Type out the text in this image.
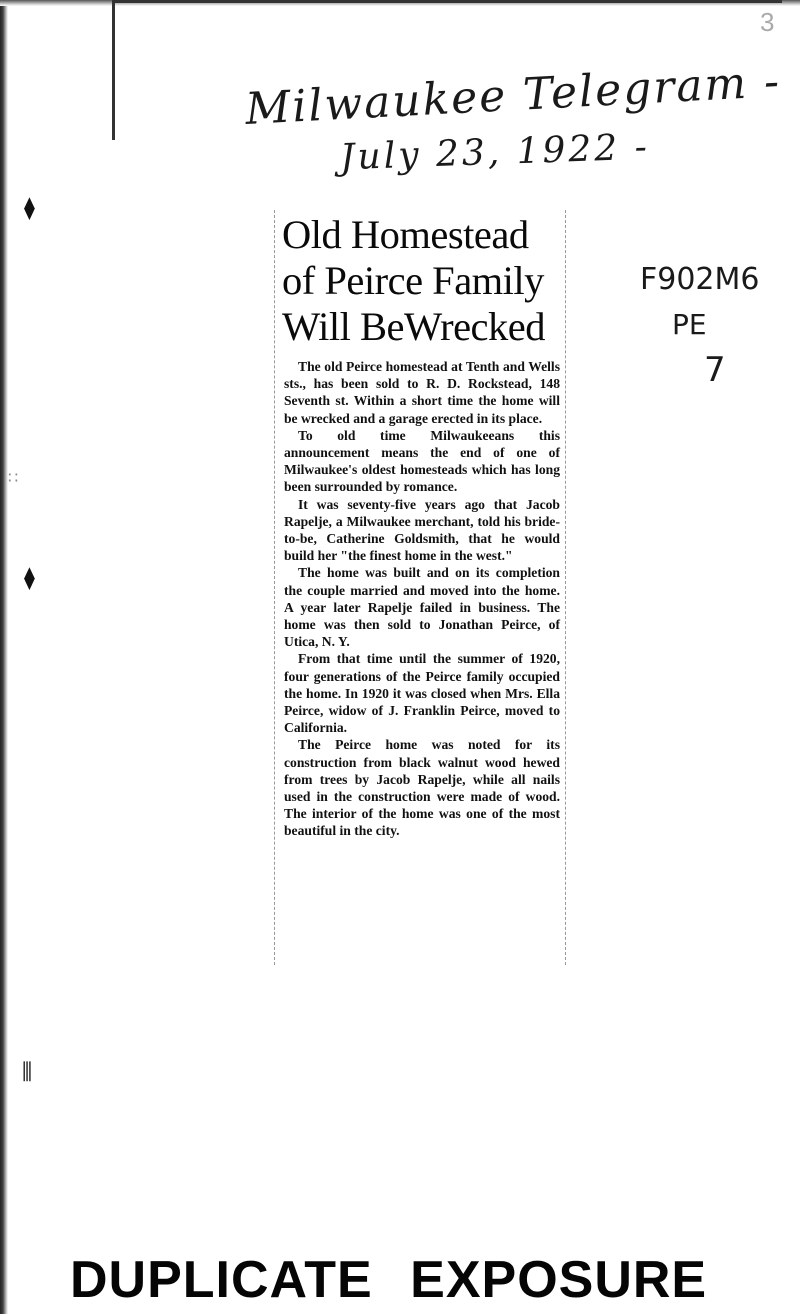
3
Milwaukee Telegram -
July 23, 1922 -
F902M6
PE
7
⧫
∷
⧫
⫼
Old Homestead
of Peirce Family
Will BeWrecked

The old Peirce homestead at Tenth and Wells sts., has been sold to R. D. Rockstead, 148 Seventh st. Within a short time the home will be wrecked and a garage erected in its place.

To old time Milwaukeeans this announcement means the end of one of Milwaukee's oldest homesteads which has long been surrounded by romance.

It was seventy-five years ago that Jacob Rapelje, a Milwaukee merchant, told his bride-to-be, Catherine Goldsmith, that he would build her "the finest home in the west."

The home was built and on its completion the couple married and moved into the home. A year later Rapelje failed in business. The home was then sold to Jonathan Peirce, of Utica, N. Y.

From that time until the summer of 1920, four generations of the Peirce family occupied the home. In 1920 it was closed when Mrs. Ella Peirce, widow of J. Franklin Peirce, moved to California.

The Peirce home was noted for its construction from black walnut wood hewed from trees by Jacob Rapelje, while all nails used in the construction were made of wood. The interior of the home was one of the most beautiful in the city.

DUPLICATE EXPOSURE
